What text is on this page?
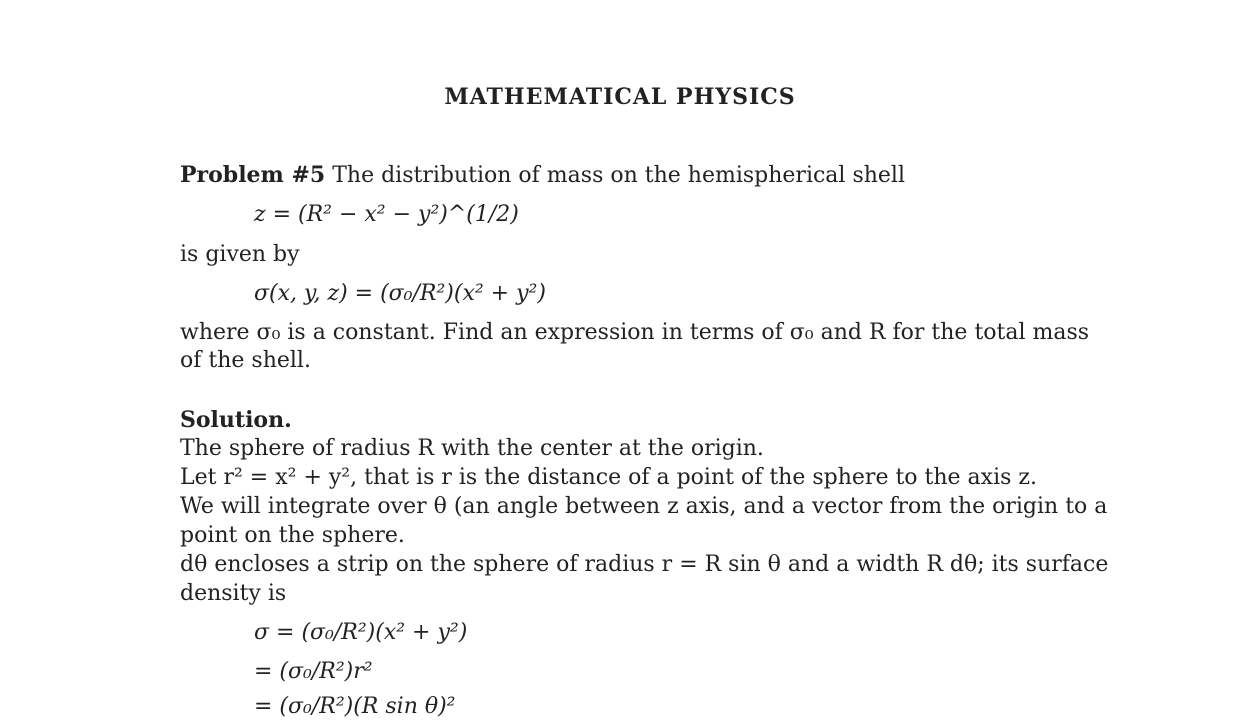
MATHEMATICAL PHYSICS
Problem #5 The distribution of mass on the hemispherical shell
z = (R² − x² − y²)^(1/2)
is given by
σ(x, y, z) = (σ₀/R²)(x² + y²)
where σ₀ is a constant. Find an expression in terms of σ₀ and R for the total mass
of the shell.
Solution.
The sphere of radius R with the center at the origin.
Let r² = x² + y², that is r is the distance of a point of the sphere to the axis z.
We will integrate over θ (an angle between z axis, and a vector from the origin to a
point on the sphere.
dθ encloses a strip on the sphere of radius r = R sin θ and a width R dθ; its surface
density is
σ = (σ₀/R²)(x² + y²)
= (σ₀/R²)r²
= (σ₀/R²)(R sin θ)²
